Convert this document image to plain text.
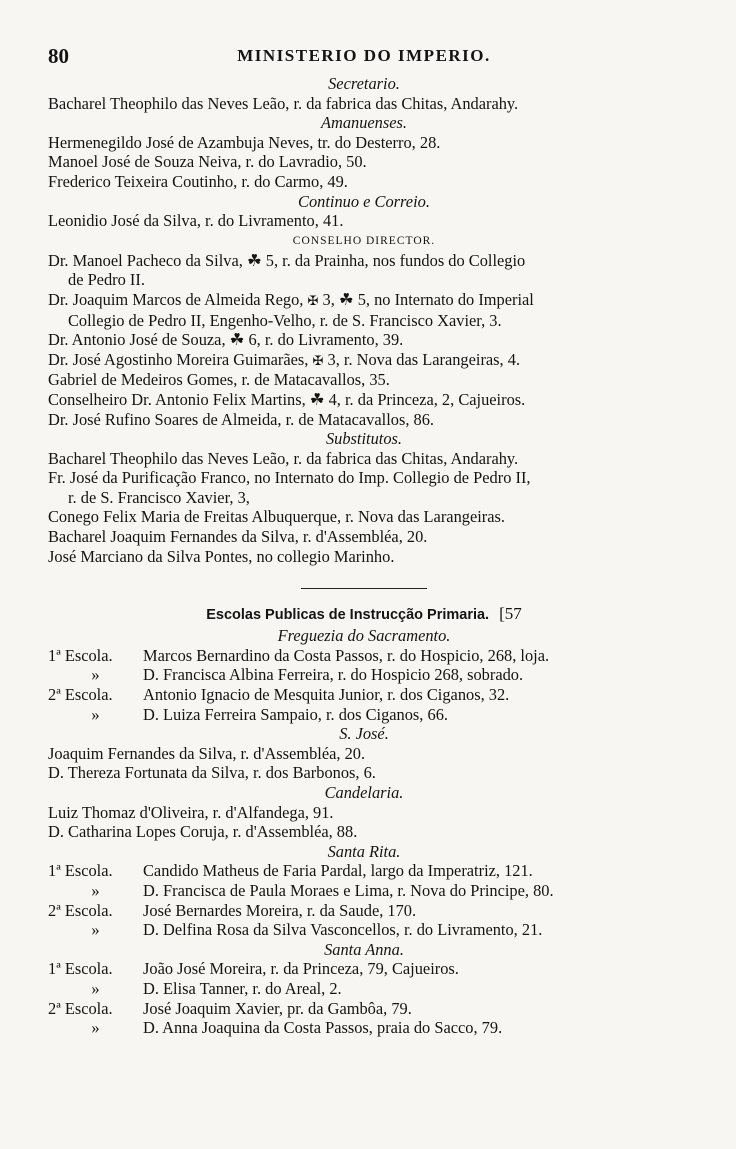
80	MINISTERIO DO IMPERIO.
Secretario.
Bacharel Theophilo das Neves Leão, r. da fabrica das Chitas, Andarahy.
Amanuenses.
Hermenegildo José de Azambuja Neves, tr. do Desterro, 28.
Manoel José de Souza Neiva, r. do Lavradio, 50.
Frederico Teixeira Coutinho, r. do Carmo, 49.
Continuo e Correio.
Leonidio José da Silva, r. do Livramento, 41.
CONSELHO DIRECTOR.
Dr. Manoel Pacheco da Silva, ☘ 5, r. da Prainha, nos fundos do Collegio
de Pedro II.
Dr. Joaquim Marcos de Almeida Rego, ✠ 3, ☘ 5, no Internato do Imperial
Collegio de Pedro II, Engenho-Velho, r. de S. Francisco Xavier, 3.
Dr. Antonio José de Souza, ☘ 6, r. do Livramento, 39.
Dr. José Agostinho Moreira Guimarães, ✠ 3, r. Nova das Larangeiras, 4.
Gabriel de Medeiros Gomes, r. de Matacavallos, 35.
Conselheiro Dr. Antonio Felix Martins, ☘ 4, r. da Princeza, 2, Cajueiros.
Dr. José Rufino Soares de Almeida, r. de Matacavallos, 86.
Substitutos.
Bacharel Theophilo das Neves Leão, r. da fabrica das Chitas, Andarahy.
Fr. José da Purificação Franco, no Internato do Imp. Collegio de Pedro II,
r. de S. Francisco Xavier, 3,
Conego Felix Maria de Freitas Albuquerque, r. Nova das Larangeiras.
Bacharel Joaquim Fernandes da Silva, r. d'Assembléa, 20.
José Marciano da Silva Pontes, no collegio Marinho.
Escolas Publicas de Instrucção Primaria. [57
Freguezia do Sacramento.
1ª Escola. Marcos Bernardino da Costa Passos, r. do Hospicio, 268, loja.
»	D. Francisca Albina Ferreira, r. do Hospicio 268, sobrado.
2ª Escola. Antonio Ignacio de Mesquita Junior, r. dos Ciganos, 32.
»	D. Luiza Ferreira Sampaio, r. dos Ciganos, 66.
S. José.
Joaquim Fernandes da Silva, r. d'Assembléa, 20.
D. Thereza Fortunata da Silva, r. dos Barbonos, 6.
Candelaria.
Luiz Thomaz d'Oliveira, r. d'Alfandega, 91.
D. Catharina Lopes Coruja, r. d'Assembléa, 88.
Santa Rita.
1ª Escola. Candido Matheus de Faria Pardal, largo da Imperatriz, 121.
»	D. Francisca de Paula Moraes e Lima, r. Nova do Principe, 80.
2ª Escola. José Bernardes Moreira, r. da Saude, 170.
»	D. Delfina Rosa da Silva Vasconcellos, r. do Livramento, 21.
Santa Anna.
1ª Escola. João José Moreira, r. da Princeza, 79, Cajueiros.
»	D. Elisa Tanner, r. do Areal, 2.
2ª Escola. José Joaquim Xavier, pr. da Gambôa, 79.
»	D. Anna Joaquina da Costa Passos, praia do Sacco, 79.
